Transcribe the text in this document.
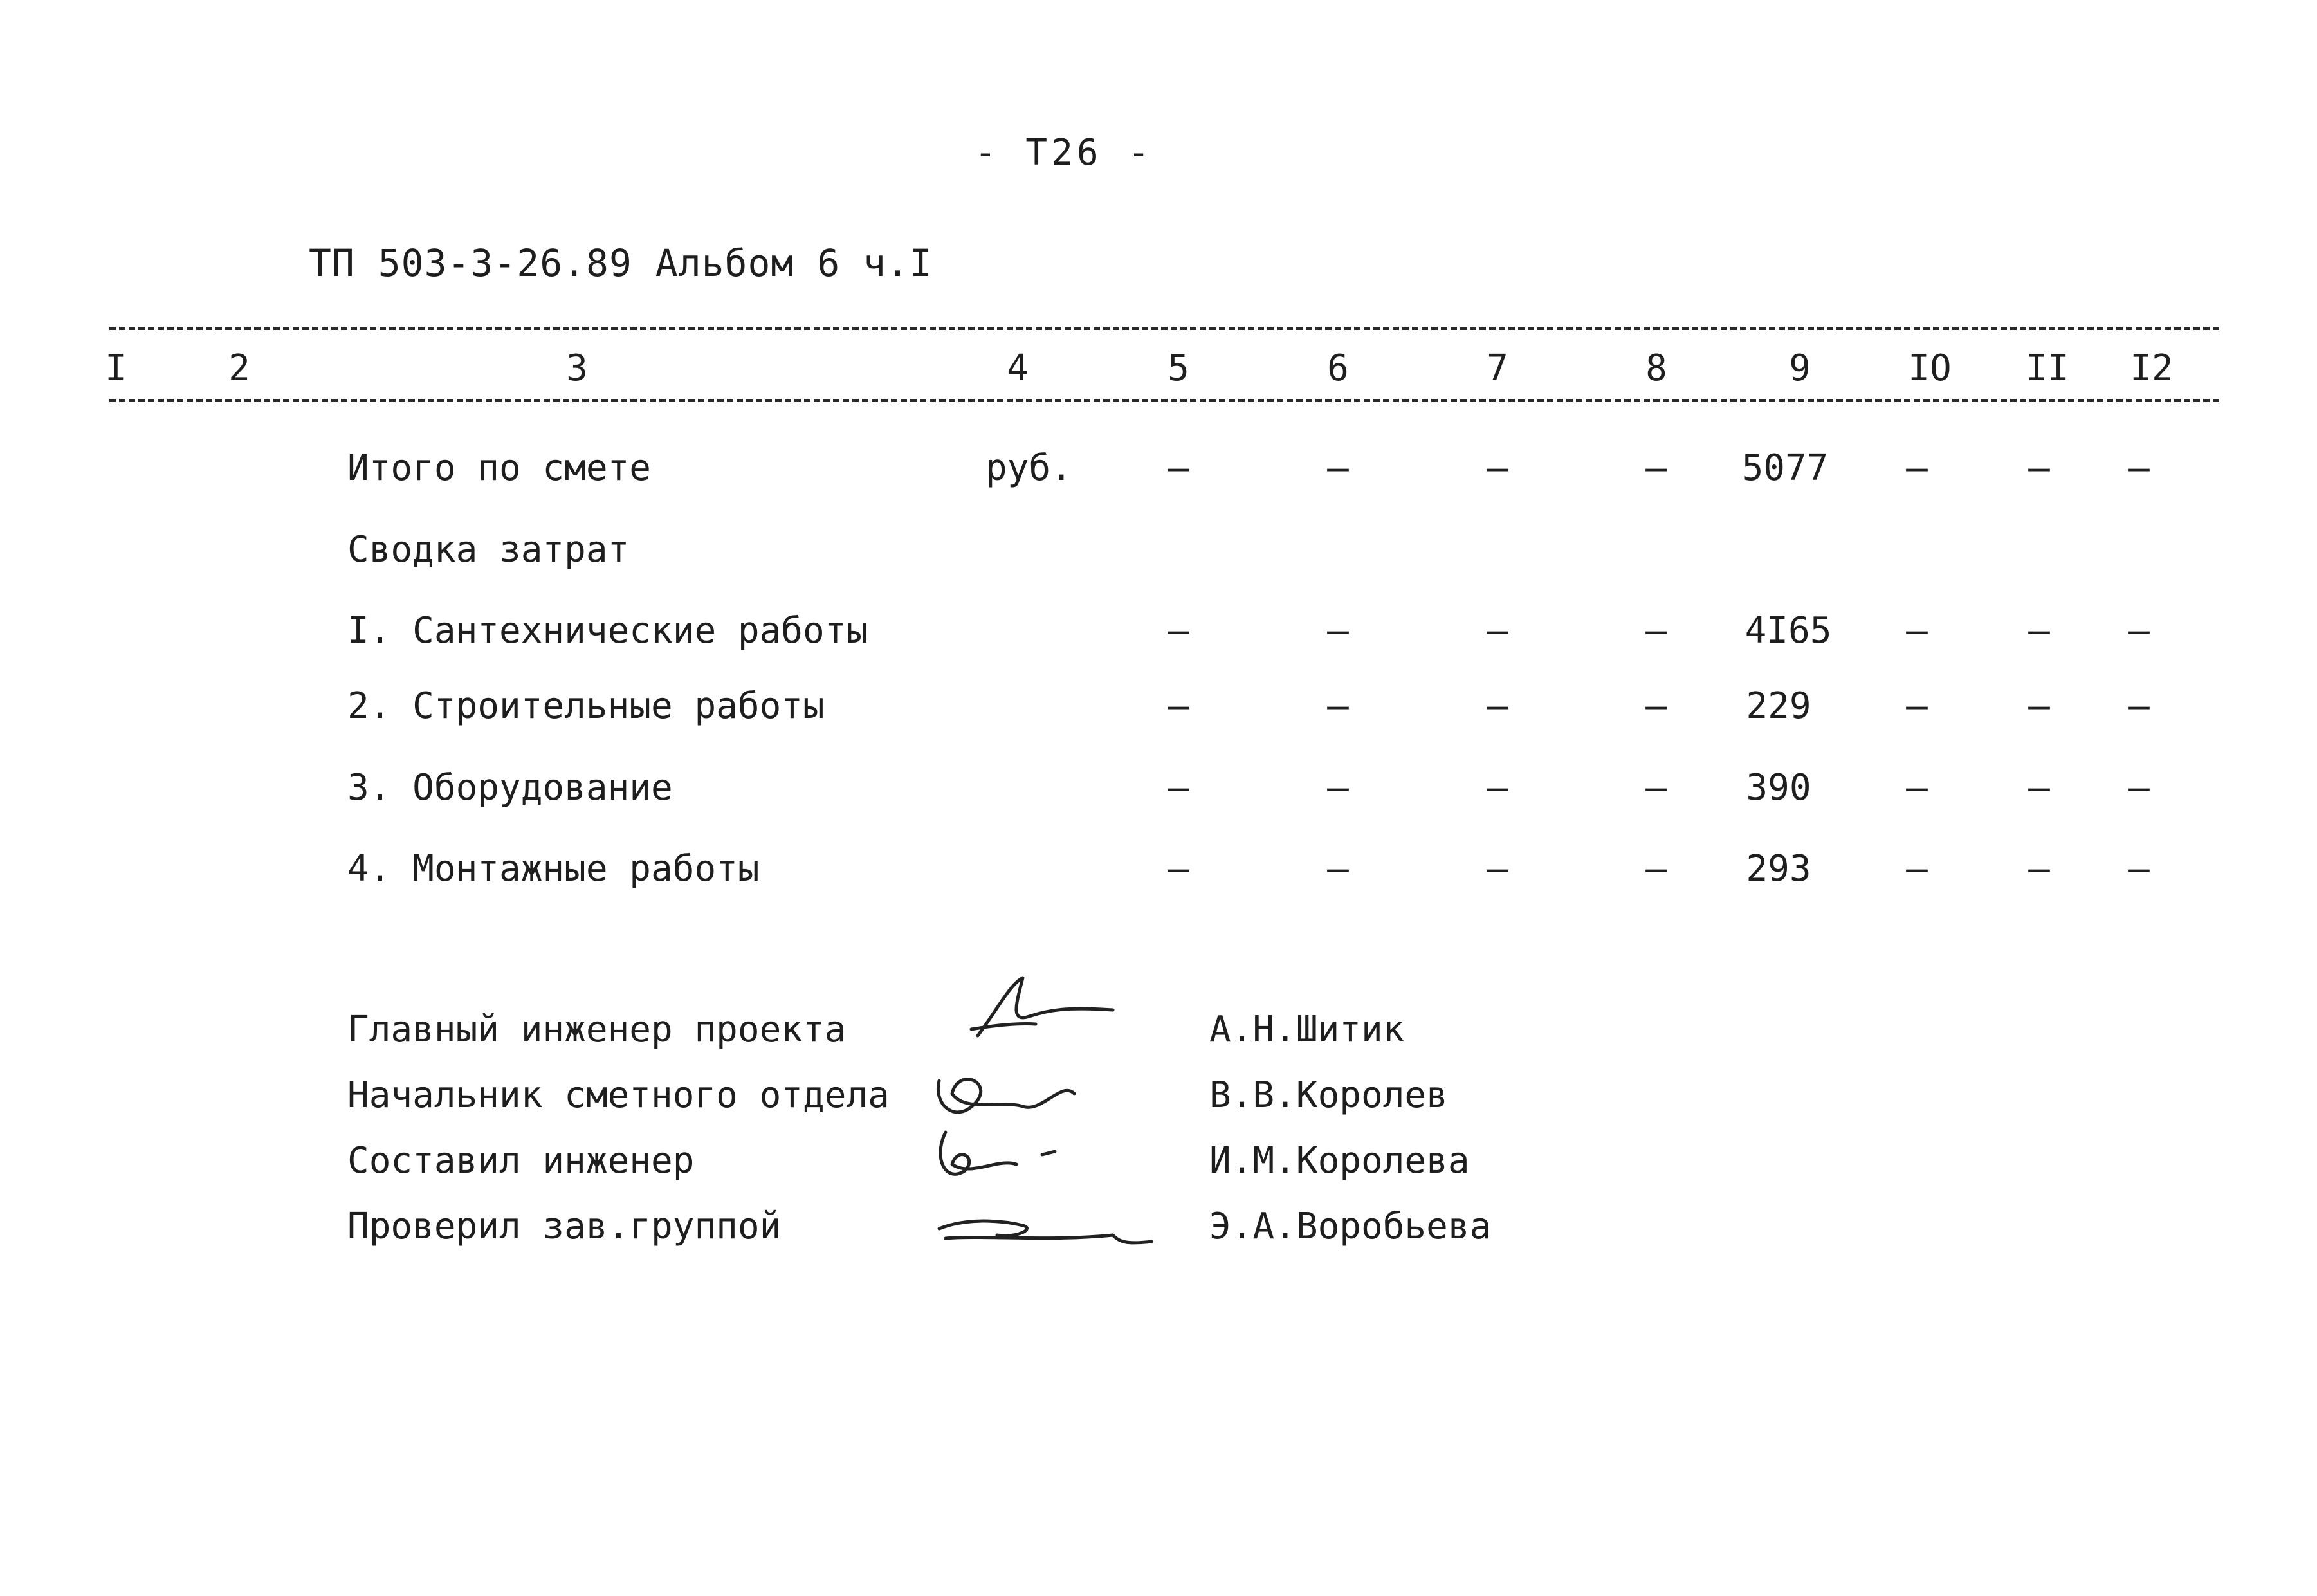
- Т26 -
ТП 503-3-26.89 Альбом 6 ч.I
I	2	3	4	5	6	7	8	9	IO II I2
Итого по смете	руб.	–	–	–	– 5077 –	– –
Сводка затрат
I. Сантехнические работы	–	–	–	– 4I65 –	– –
2. Строительные работы	–	–	–	– 229	–	– –
3. Оборудование	–	–	–	– 390	–	– –
4. Монтажные работы	–	–	–	– 293	–	– –
Главный инженер проекта	А.Н.Шитик
Начальник сметного отдела	В.В.Королев
Составил инженер	И.М.Королева
Проверил зав.группой	Э.А.Воробьева
